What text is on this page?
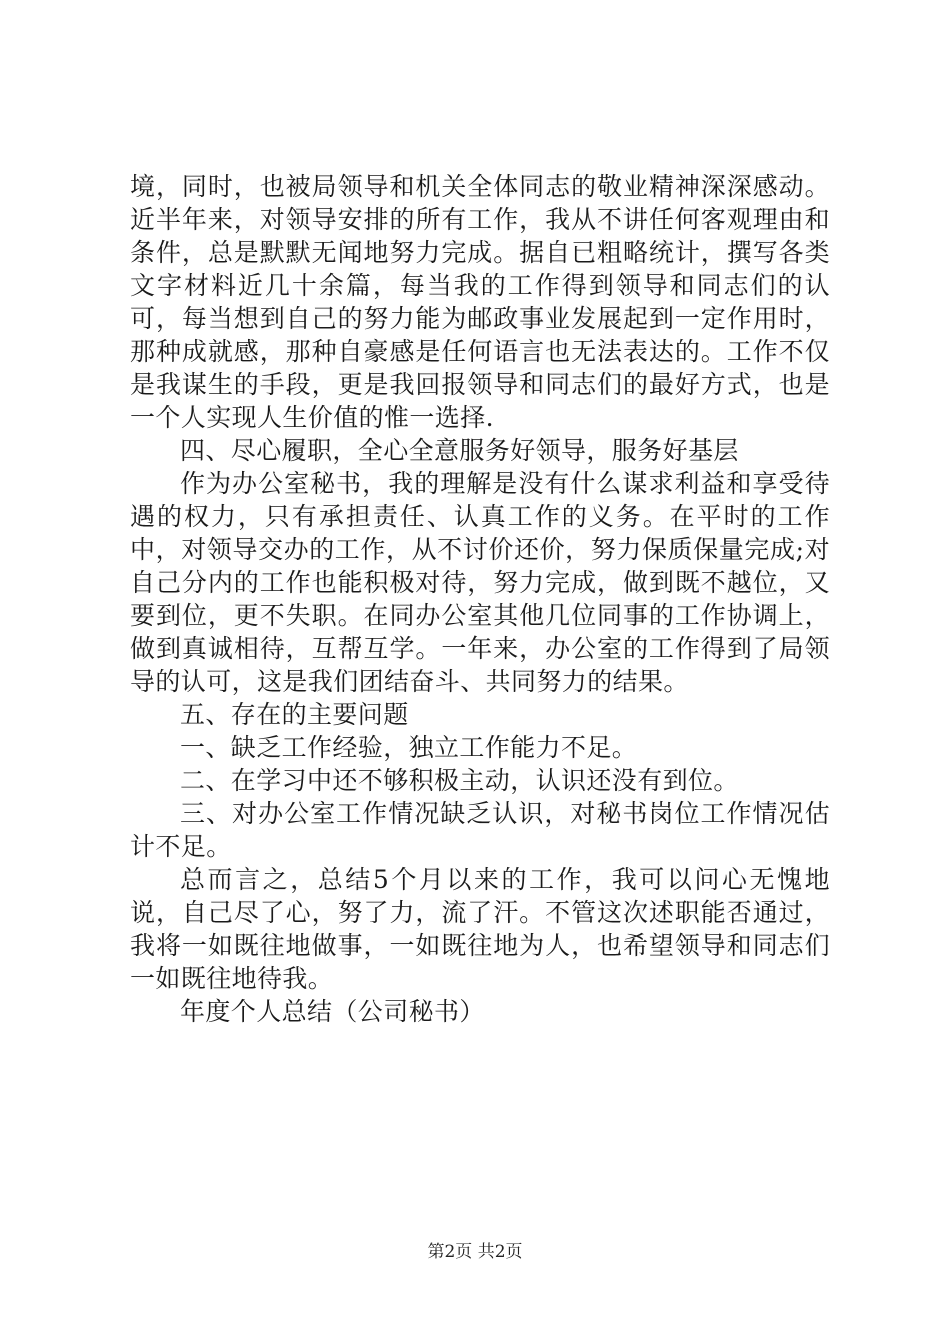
境，同时，也被局领导和机关全体同志的敬业精神深深感动。近半年来，对领导安排的所有工作，我从不讲任何客观理由和条件，总是默默无闻地努力完成。据自已粗略统计，撰写各类文字材料近几十余篇，每当我的工作得到领导和同志们的认可，每当想到自己的努力能为邮政事业发展起到一定作用时，那种成就感，那种自豪感是任何语言也无法表达的。工作不仅是我谋生的手段，更是我回报领导和同志们的最好方式，也是一个人实现人生价值的惟一选择.

四、尽心履职，全心全意服务好领导，服务好基层

作为办公室秘书，我的理解是没有什么谋求利益和享受待遇的权力，只有承担责任、认真工作的义务。在平时的工作中，对领导交办的工作，从不讨价还价，努力保质保量完成;对自己分内的工作也能积极对待，努力完成，做到既不越位，又要到位，更不失职。在同办公室其他几位同事的工作协调上，做到真诚相待，互帮互学。一年来，办公室的工作得到了局领导的认可，这是我们团结奋斗、共同努力的结果。

五、存在的主要问题

一、缺乏工作经验，独立工作能力不足。

二、在学习中还不够积极主动，认识还没有到位。

三、对办公室工作情况缺乏认识，对秘书岗位工作情况估计不足。

总而言之，总结5个月以来的工作，我可以问心无愧地说，自己尽了心，努了力，流了汗。不管这次述职能否通过，我将一如既往地做事，一如既往地为人，也希望领导和同志们一如既往地待我。

年度个人总结（公司秘书）

第2页 共2页
